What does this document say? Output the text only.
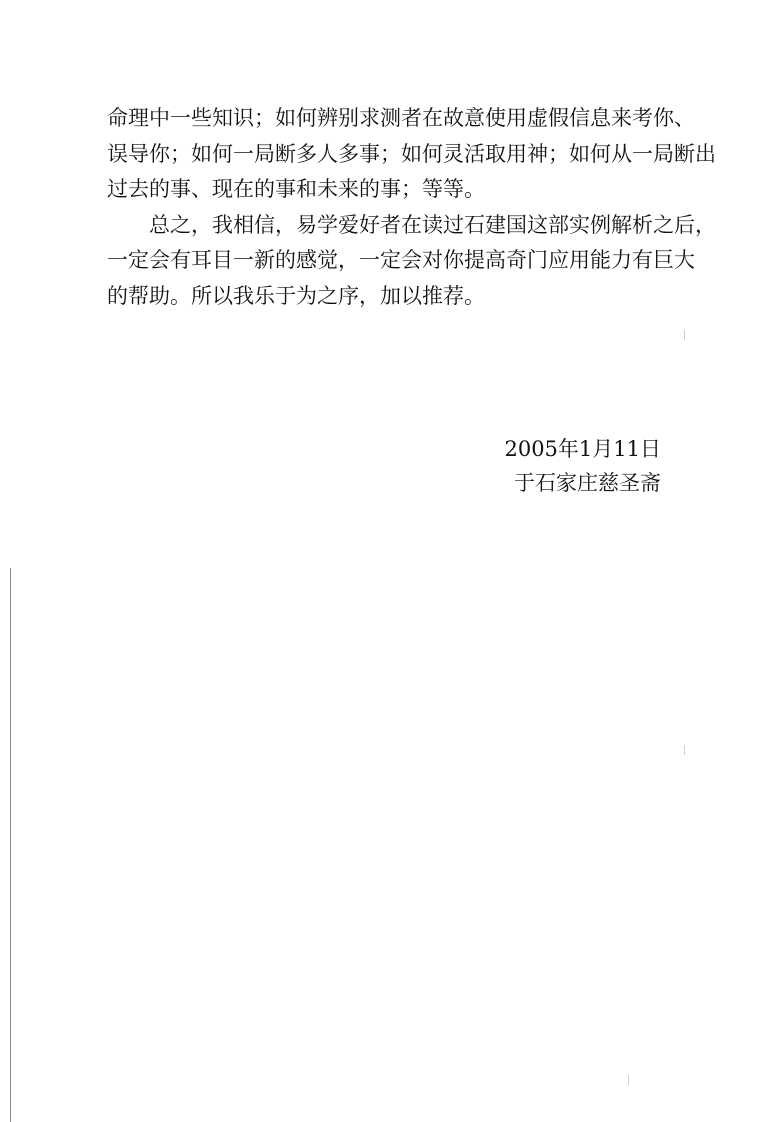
命理中一些知识；如何辨别求测者在故意使用虚假信息来考你、

误导你；如何一局断多人多事；如何灵活取用神；如何从一局断出

过去的事、现在的事和未来的事；等等。

总之，我相信，易学爱好者在读过石建国这部实例解析之后，

一定会有耳目一新的感觉，一定会对你提高奇门应用能力有巨大

的帮助。所以我乐于为之序，加以推荐。

2005年1月11日
于石家庄慈圣斋
